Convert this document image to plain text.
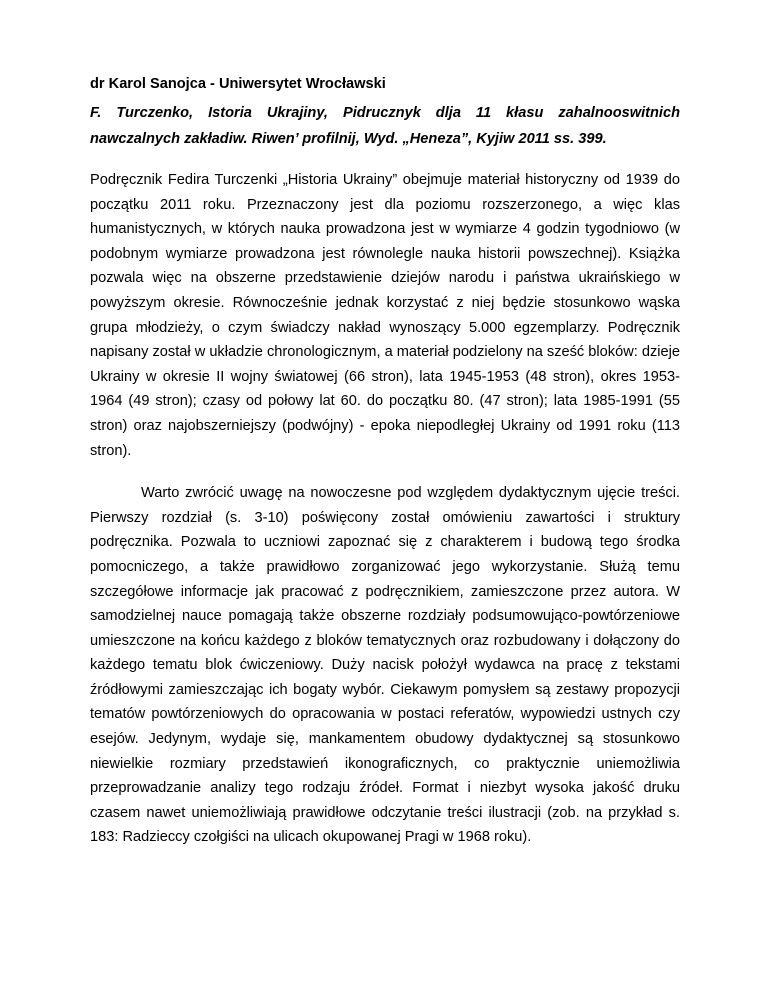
dr Karol Sanojca - Uniwersytet Wrocławski

F. Turczenko, Istoria Ukrajiny, Pidrucznyk dlja 11 kłasu zahalnooswitnich nawczalnych zakładiw. Riwen’ profilnij, Wyd. „Heneza”, Kyjiw 2011 ss. 399.

Podręcznik Fedira Turczenki „Historia Ukrainy” obejmuje materiał historyczny od 1939 do początku 2011 roku. Przeznaczony jest dla poziomu rozszerzonego, a więc klas humanistycznych, w których nauka prowadzona jest w wymiarze 4 godzin tygodniowo (w podobnym wymiarze prowadzona jest równolegle nauka historii powszechnej). Książka pozwala więc na obszerne przedstawienie dziejów narodu i państwa ukraińskiego w powyższym okresie. Równocześnie jednak korzystać z niej będzie stosunkowo wąska grupa młodzieży, o czym świadczy nakład wynoszący 5.000 egzemplarzy. Podręcznik napisany został w układzie chronologicznym, a materiał podzielony na sześć bloków: dzieje Ukrainy w okresie II wojny światowej (66 stron), lata 1945-1953 (48 stron), okres 1953-1964 (49 stron); czasy od połowy lat 60. do początku 80. (47 stron); lata 1985-1991 (55 stron) oraz najobszerniejszy (podwójny) - epoka niepodległej Ukrainy od 1991 roku (113 stron).

Warto zwrócić uwagę na nowoczesne pod względem dydaktycznym ujęcie treści. Pierwszy rozdział (s. 3-10) poświęcony został omówieniu zawartości i struktury podręcznika. Pozwala to uczniowi zapoznać się z charakterem i budową tego środka pomocniczego, a także prawidłowo zorganizować jego wykorzystanie. Służą temu szczegółowe informacje jak pracować z podręcznikiem, zamieszczone przez autora. W samodzielnej nauce pomagają także obszerne rozdziały podsumowująco-powtórzeniowe umieszczone na końcu każdego z bloków tematycznych oraz rozbudowany i dołączony do każdego tematu blok ćwiczeniowy. Duży nacisk położył wydawca na pracę z tekstami źródłowymi zamieszczając ich bogaty wybór. Ciekawym pomysłem są zestawy propozycji tematów powtórzeniowych do opracowania w postaci referatów, wypowiedzi ustnych czy esejów. Jedynym, wydaje się, mankamentem obudowy dydaktycznej są stosunkowo niewielkie rozmiary przedstawień ikonograficznych, co praktycznie uniemożliwia przeprowadzanie analizy tego rodzaju źródeł. Format i niezbyt wysoka jakość druku czasem nawet uniemożliwiają prawidłowe odczytanie treści ilustracji (zob. na przykład s. 183: Radzieccy czołgiści na ulicach okupowanej Pragi w 1968 roku).
